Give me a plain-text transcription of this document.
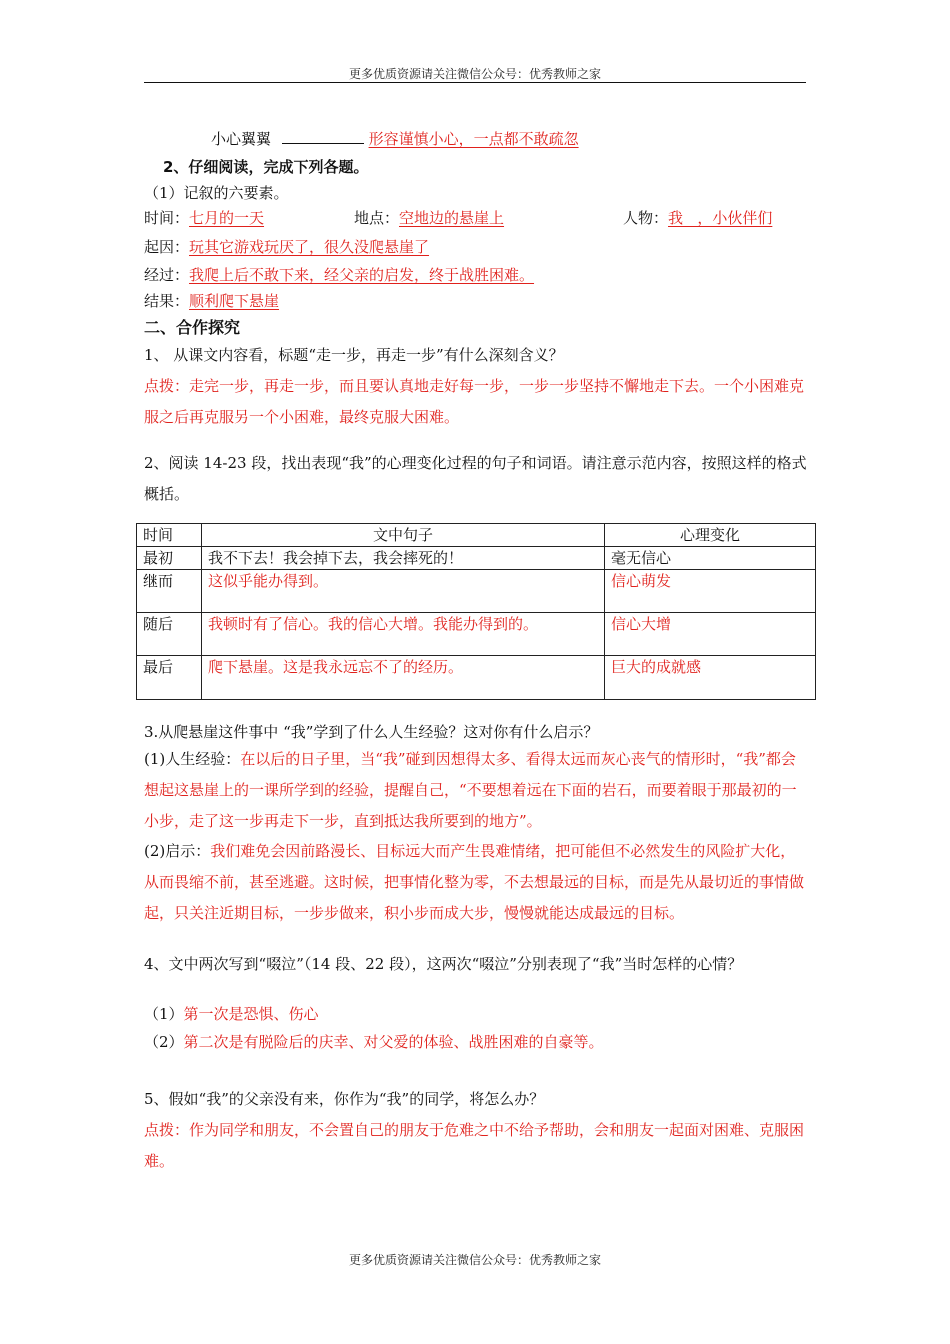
更多优质资源请关注微信公众号：优秀教师之家
小心翼翼	形容谨慎小心，一点都不敢疏忽
2、仔细阅读，完成下列各题。
（1）记叙的六要素。
时间：七月的一天	地点：空地边的悬崖上	人物：我   ，小伙伴们
起因：玩其它游戏玩厌了，很久没爬悬崖了
经过：我爬上后不敢下来，经父亲的启发，终于战胜困难。
结果：顺利爬下悬崖
二、合作探究
1、 从课文内容看，标题“走一步，再走一步”有什么深刻含义？
点拨：走完一步，再走一步，而且要认真地走好每一步，一步一步坚持不懈地走下去。一个小困难克服之后再克服另一个小困难，最终克服大困难。
2、阅读 14-23 段，找出表现“我”的心理变化过程的句子和词语。请注意示范内容，按照这样的格式概括。
时间	文中句子	心理变化
最初	我不下去！我会掉下去，我会摔死的！	毫无信心
继而	这似乎能办得到。	信心萌发
随后	我顿时有了信心。我的信心大增。我能办得到的。	信心大增
最后	爬下悬崖。这是我永远忘不了的经历。	巨大的成就感
3.从爬悬崖这件事中 “我”学到了什么人生经验？这对你有什么启示？
(1)人生经验：在以后的日子里，当“我”碰到因想得太多、看得太远而灰心丧气的情形时，“我”都会想起这悬崖上的一课所学到的经验，提醒自己，“不要想着远在下面的岩石，而要着眼于那最初的一小步，走了这一步再走下一步，直到抵达我所要到的地方”。
(2)启示：我们难免会因前路漫长、目标远大而产生畏难情绪，把可能但不必然发生的风险扩大化，从而畏缩不前，甚至逃避。这时候，把事情化整为零，不去想最远的目标，而是先从最切近的事情做起，只关注近期目标，一步步做来，积小步而成大步，慢慢就能达成最远的目标。
4、文中两次写到“啜泣”（14 段、22 段），这两次“啜泣”分别表现了“我”当时怎样的心情？
（1）第一次是恐惧、伤心
（2）第二次是有脱险后的庆幸、对父爱的体验、战胜困难的自豪等。
5、假如“我”的父亲没有来，你作为“我”的同学，将怎么办？
点拨：作为同学和朋友，不会置自己的朋友于危难之中不给予帮助，会和朋友一起面对困难、克服困难。
更多优质资源请关注微信公众号：优秀教师之家
